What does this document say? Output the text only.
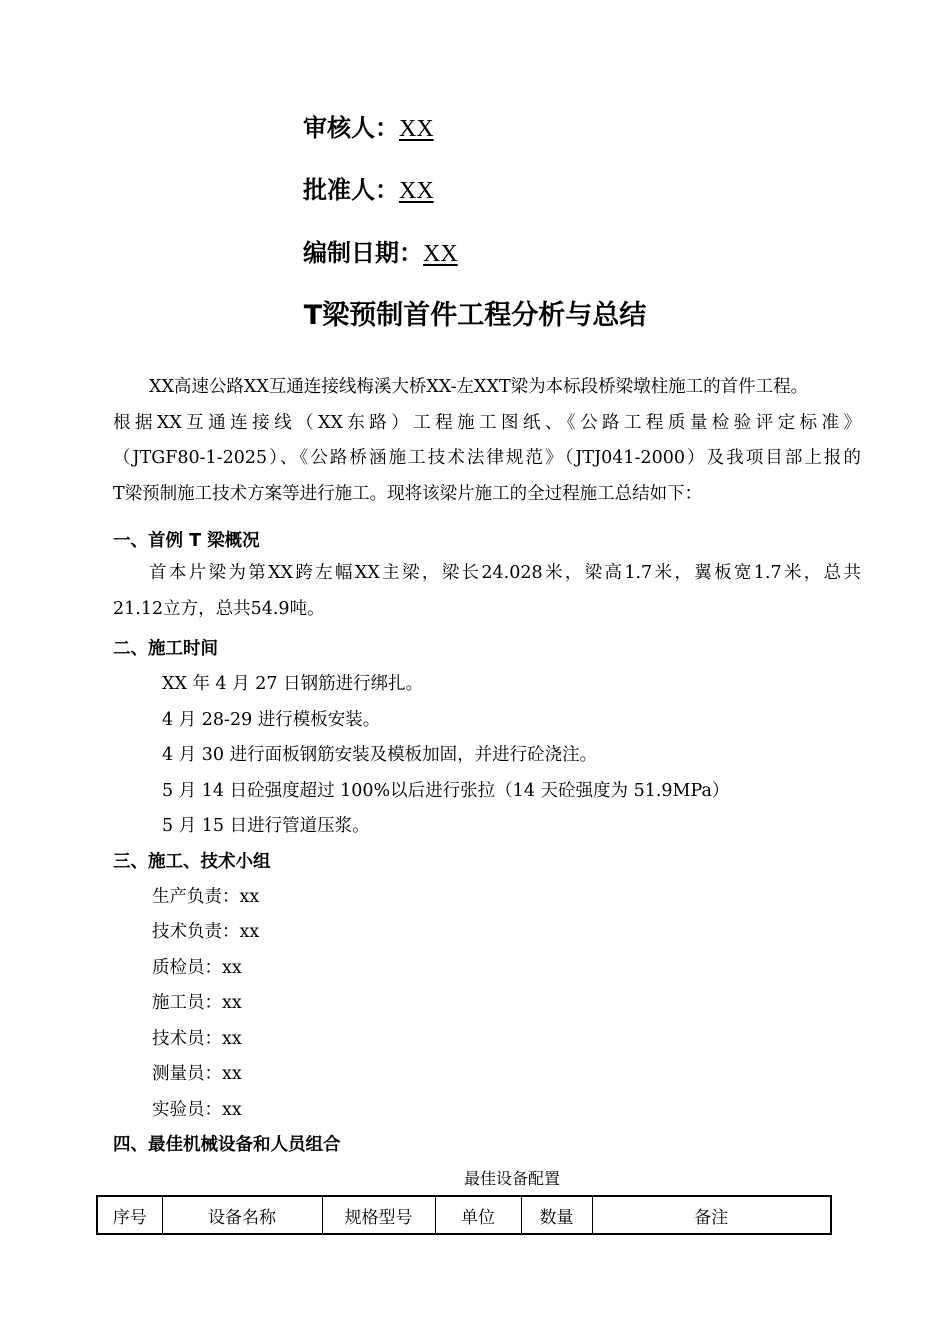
审核人：XX
批准人：XX
编制日期：XX
T梁预制首件工程分析与总结

XX高速公路XX互通连接线梅溪大桥XX-左XXT梁为本标段桥梁墩柱施工的首件工程。

根据XX互通连接线（XX东路）工程施工图纸、《公路工程质量检验评定标准》

（JTGF80-1-2025）、《公路桥涵施工技术法律规范》（JTJ041-2000）及我项目部上报的

T梁预制施工技术方案等进行施工。现将该梁片施工的全过程施工总结如下：

一、首例 T 梁概况

首本片梁为第XX跨左幅XX主梁，梁长24.028米，梁高1.7米，翼板宽1.7米，总共

21.12立方，总共54.9吨。

二、施工时间
XX 年 4 月 27 日钢筋进行绑扎。
4 月 28-29 进行模板安装。
4 月 30 进行面板钢筋安装及模板加固，并进行砼浇注。
5 月 14 日砼强度超过 100%以后进行张拉（14 天砼强度为 51.9MPa）
5 月 15 日进行管道压浆。
三、施工、技术小组
生产负责：xx
技术负责：xx
质检员：xx
施工员：xx
技术员：xx
测量员：xx
实验员：xx
四、最佳机械设备和人员组合
最佳设备配置
序号	设备名称	规格型号	单位	数量	备注
